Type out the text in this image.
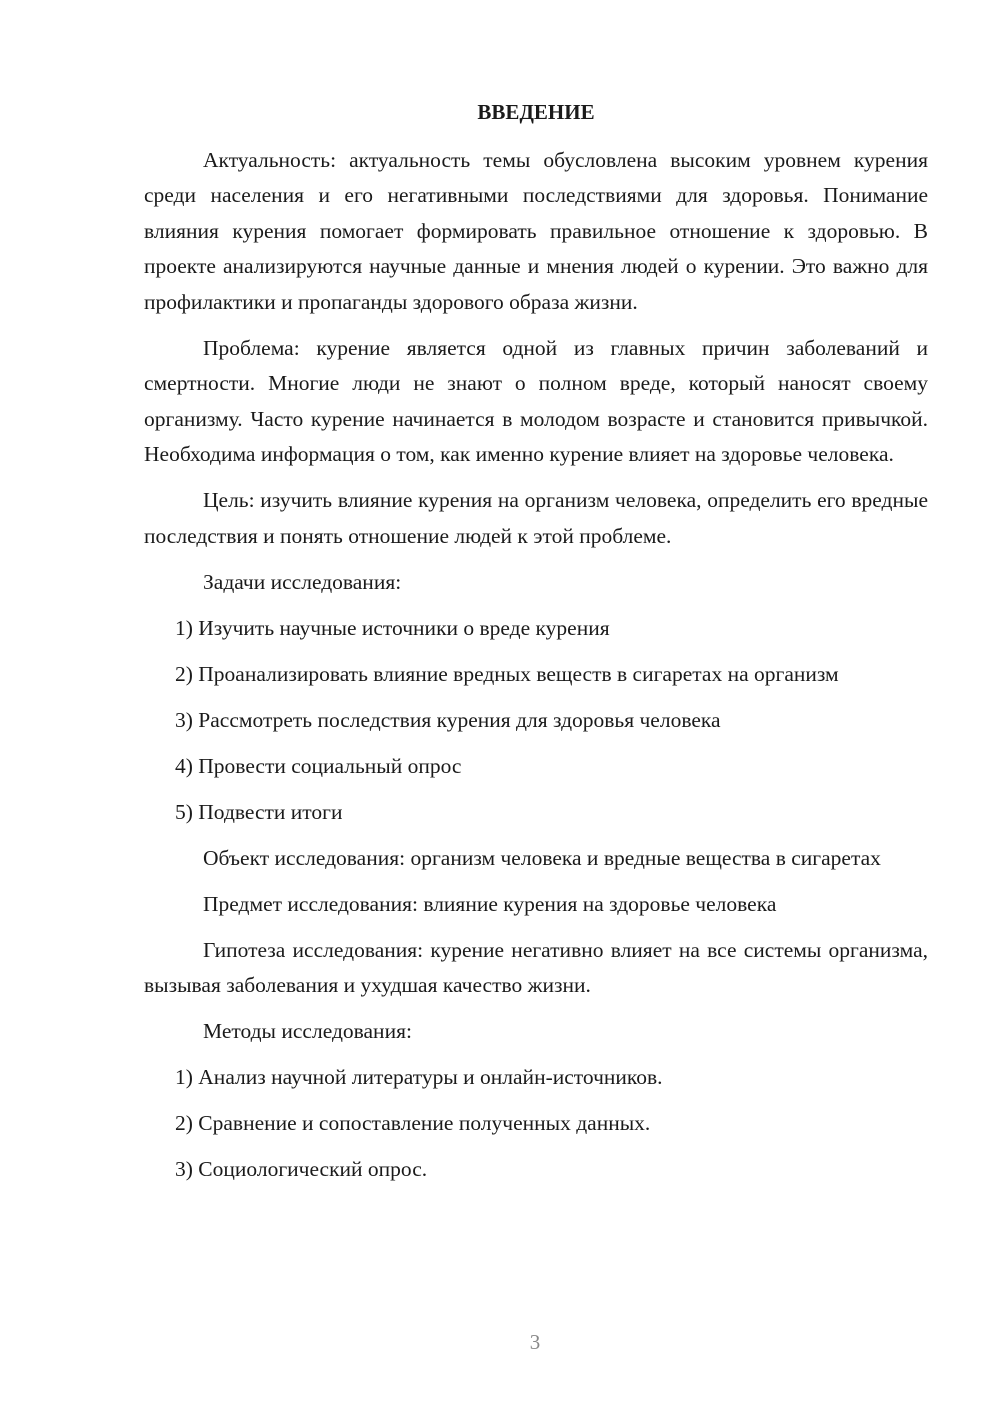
ВВЕДЕНИЕ

Актуальность: актуальность темы обусловлена высоким уровнем курения среди населения и его негативными последствиями для здоровья. Понимание влияния курения помогает формировать правильное отношение к здоровью. В проекте анализируются научные данные и мнения людей о курении. Это важно для профилактики и пропаганды здорового образа жизни.

Проблема: курение является одной из главных причин заболеваний и смертности. Многие люди не знают о полном вреде, который наносят своему организму. Часто курение начинается в молодом возрасте и становится привычкой. Необходима информация о том, как именно курение влияет на здоровье человека.

Цель: изучить влияние курения на организм человека, определить его вредные последствия и понять отношение людей к этой проблеме.

Задачи исследования:

1) Изучить научные источники о вреде курения

2) Проанализировать влияние вредных веществ в сигаретах на организм

3) Рассмотреть последствия курения для здоровья человека

4) Провести социальный опрос

5) Подвести итоги

Объект исследования: организм человека и вредные вещества в сигаретах

Предмет исследования: влияние курения на здоровье человека

Гипотеза исследования: курение негативно влияет на все системы организма, вызывая заболевания и ухудшая качество жизни.

Методы исследования:

1) Анализ научной литературы и онлайн-источников.

2) Сравнение и сопоставление полученных данных.

3) Социологический опрос.

3
